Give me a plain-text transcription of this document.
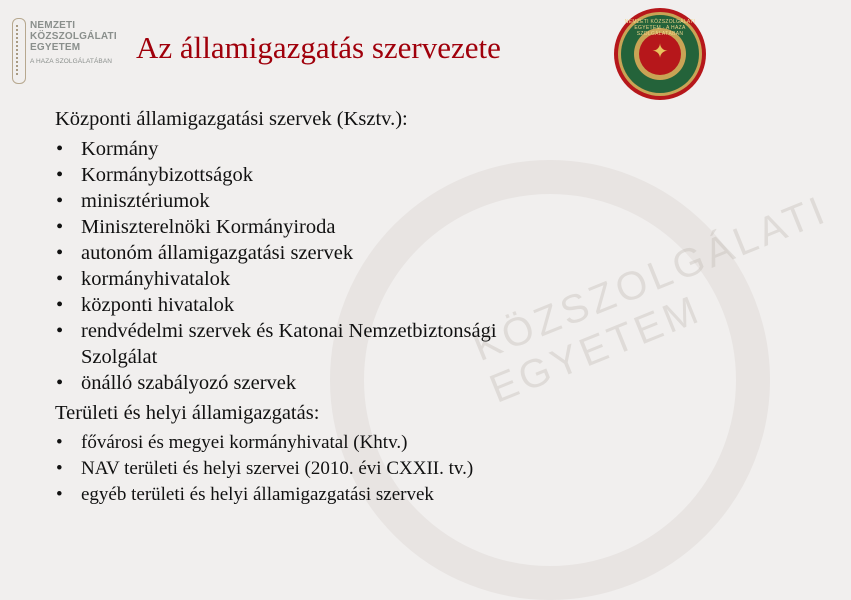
KÖZSZOLGÁLATI EGYETEM
NEMZETI
KÖZSZOLGÁLATI
EGYETEM
A HAZA SZOLGÁLATÁBAN Az államigazgatás szervezete	✦
NEMZETI KÖZSZOLGÁLATI EGYETEM · A HAZA SZOLGÁLATÁBAN
Központi államigazgatási szervek (Ksztv.):
• Kormány
• Kormánybizottságok
• minisztériumok
• Miniszterelnöki Kormányiroda
• autonóm államigazgatási szervek
• kormányhivatalok
• központi hivatalok
• rendvédelmi szervek és Katonai Nemzetbiztonsági
Szolgálat
• önálló szabályozó szervek
Területi és helyi államigazgatás:
• fővárosi és megyei kormányhivatal (Khtv.)
• NAV területi és helyi szervei (2010. évi CXXII. tv.)
• egyéb területi és helyi államigazgatási szervek
